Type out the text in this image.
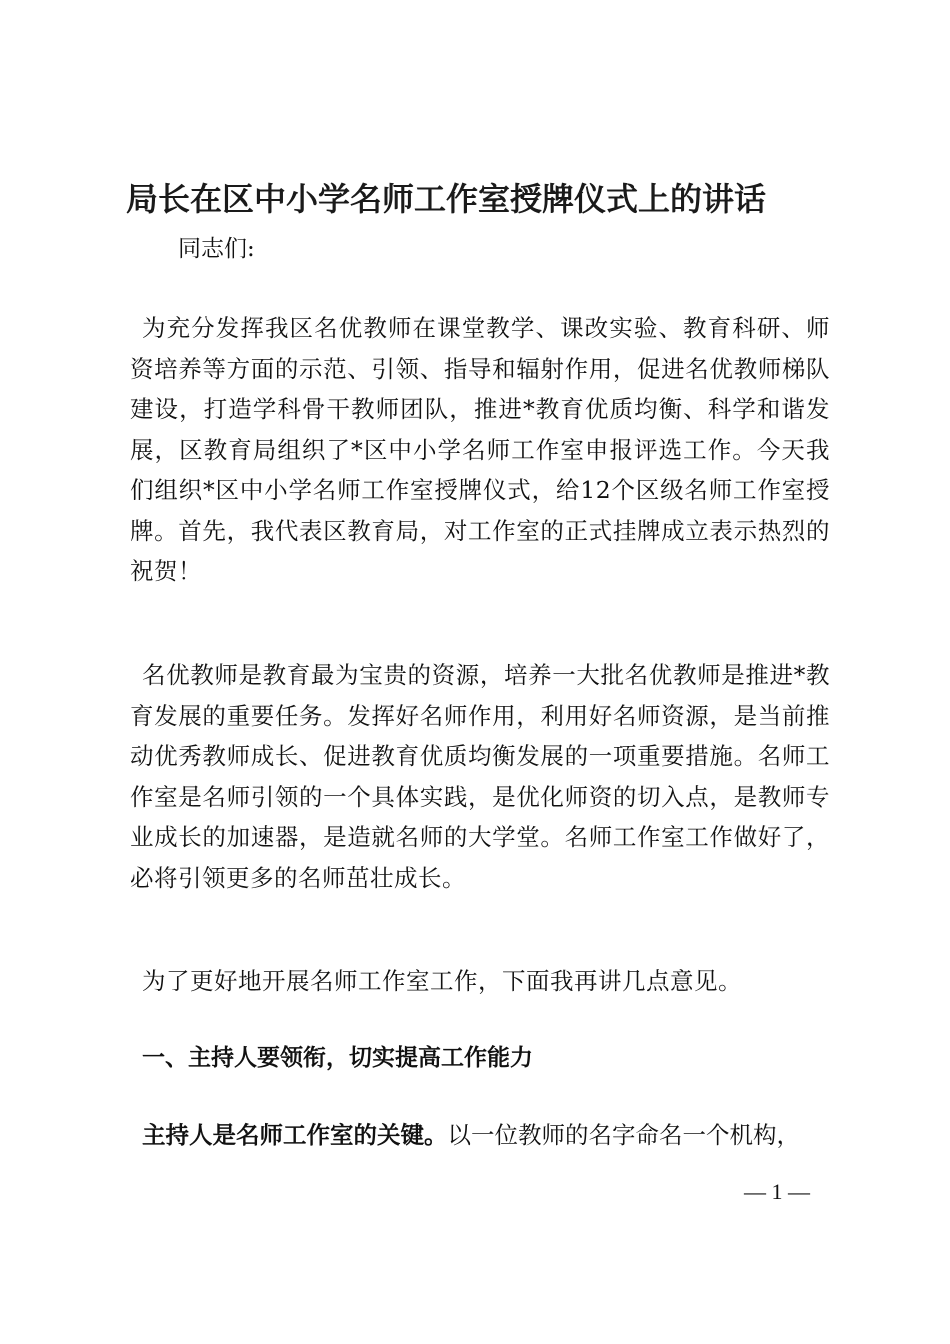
局长在区中小学名师工作室授牌仪式上的讲话
同志们:
为充分发挥我区名优教师在课堂教学、课改实验、教育科研、师资培养等方面的示范、引领、指导和辐射作用，促进名优教师梯队建设，打造学科骨干教师团队，推进*教育优质均衡、科学和谐发展，区教育局组织了*区中小学名师工作室申报评选工作。今天我们组织*区中小学名师工作室授牌仪式，给12个区级名师工作室授牌。首先，我代表区教育局，对工作室的正式挂牌成立表示热烈的祝贺！
名优教师是教育最为宝贵的资源，培养一大批名优教师是推进*教育发展的重要任务。发挥好名师作用，利用好名师资源，是当前推动优秀教师成长、促进教育优质均衡发展的一项重要措施。名师工作室是名师引领的一个具体实践，是优化师资的切入点，是教师专业成长的加速器，是造就名师的大学堂。名师工作室工作做好了，必将引领更多的名师茁壮成长。
为了更好地开展名师工作室工作，下面我再讲几点意见。
一、主持人要领衔，切实提高工作能力
主持人是名师工作室的关键。以一位教师的名字命名一个机构，
— 1 —
